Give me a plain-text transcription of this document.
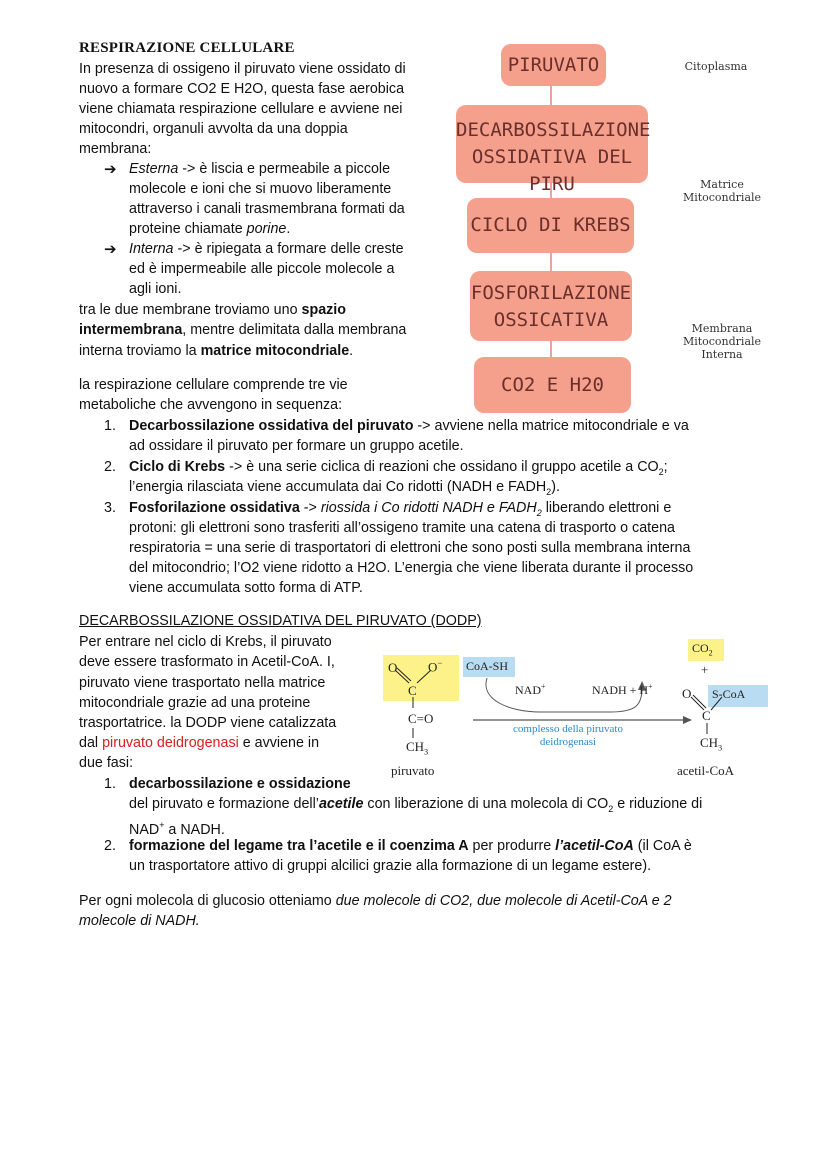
RESPIRAZIONE CELLULARE
In presenza di ossigeno il piruvato viene ossidato di
nuovo a formare CO2 E H2O, questa fase aerobica
viene chiamata respirazione cellulare e avviene nei
mitocondri, organuli avvolta da una doppia
membrana:
➔ Esterna -> è liscia e permeabile a piccole
molecole e ioni che si muovo liberamente
attraverso i canali trasmembrana formati da
proteine chiamate porine.
➔ Interna -> è ripiegata a formare delle creste
ed è impermeabile alle piccole molecole a
agli ioni.
tra le due membrane troviamo uno spazio
intermembrana, mentre delimitata dalla membrana
interna troviamo la matrice mitocondriale.
la respirazione cellulare comprende tre vie
metaboliche che avvengono in sequenza:
1. Decarbossilazione ossidativa del piruvato -> avviene nella matrice mitocondriale e va
ad ossidare il piruvato per formare un gruppo acetile.
2. Ciclo di Krebs -> è una serie ciclica di reazioni che ossidano il gruppo acetile a $CO_2$;
l’energia rilasciata viene accumulata dai Co ridotti (NADH e $FADH_2$).
3. Fosforilazione ossidativa -> riossida i Co ridotti NADH e $FADH_2$ liberando elettroni e
protoni: gli elettroni sono trasferiti all’ossigeno tramite una catena di trasporto o catena
respiratoria = una serie di trasportatori di elettroni che sono posti sulla membrana interna
del mitocondrio; l’O2 viene ridotto a H2O. L’energia che viene liberata durante il processo
viene accumulata sotto forma di ATP.
PIRUVATO
DECARBOSSILAZIONE
OSSIDATIVA DEL PIRU
CICLO DI KREBS
FOSFORILAZIONE
OSSICATIVA
CO2 E H20
Citoplasma
Matrice
Mitocondriale
Membrana
Mitocondriale
Interna
DECARBOSSILAZIONE OSSIDATIVA DEL PIRUVATO (DODP)
Per entrare nel ciclo di Krebs, il piruvato
deve essere trasformato in Acetil-CoA. I,
piruvato viene trasportato nella matrice
mitocondriale grazie ad una proteine
trasportatrice. la DODP viene catalizzata
dal piruvato deidrogenasi e avviene in
due fasi:
O O−
C
C=O
$CH_3$
piruvato
CoA-SH
NAD+	NADH + H+
complesso della piruvato
deidrogenasi
$CO_2$
+
O S-CoA
C
$CH_3$
acetil-CoA
1. decarbossilazione e ossidazione
del piruvato e formazione dell’acetile con liberazione di una molecola di $CO_2$ e riduzione di
NAD+ a NADH.
2. formazione del legame tra l’acetile e il coenzima A per produrre l’acetil-CoA (il CoA è
un trasportatore attivo di gruppi alcilici grazie alla formazione di un legame estere).
Per ogni molecola di glucosio otteniamo due molecole di CO2, due molecole di Acetil-CoA e 2
molecole di NADH.
